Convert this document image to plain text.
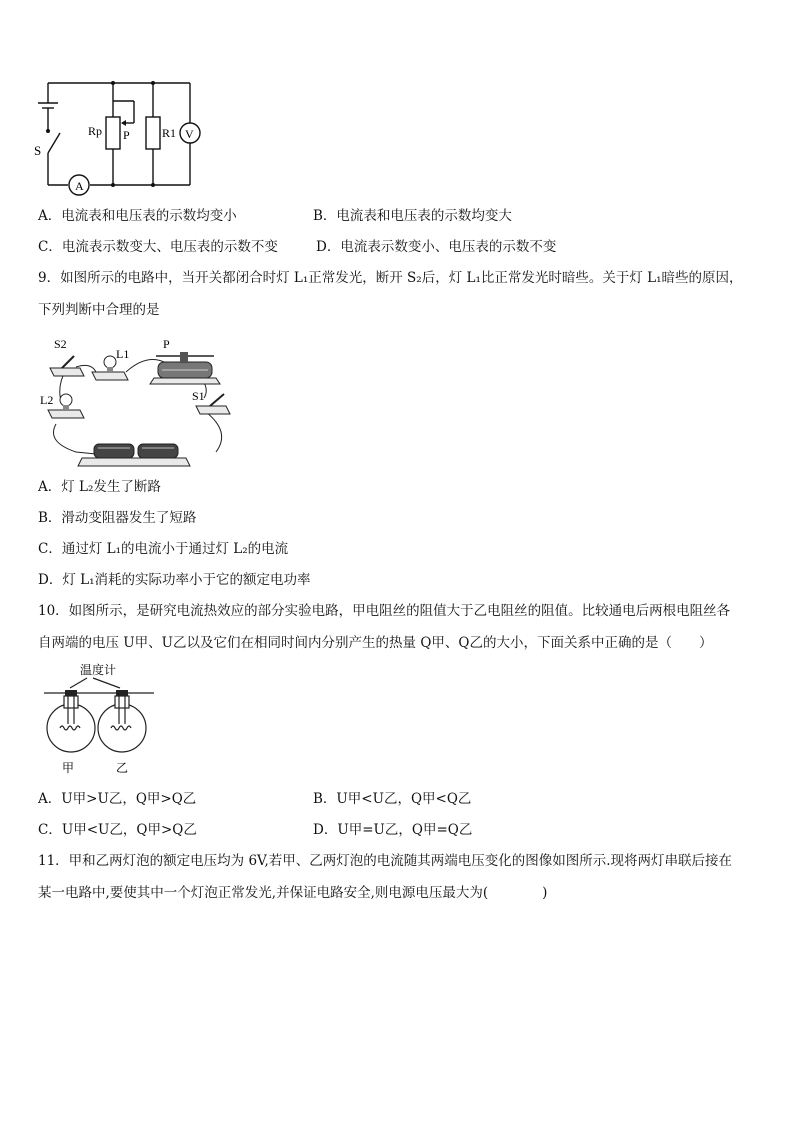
Rp P	R1 V
A
S
A．电流表和电压表的示数均变小	B．电流表和电压表的示数均变大
C．电流表示数变大、电压表的示数不变	D．电流表示数变小、电压表的示数不变
9．如图所示的电路中，当开关都闭合时灯 L₁正常发光，断开 S₂后，灯 L₁比正常发光时暗些。关于灯 L₁暗些的原因，
下列判断中合理的是
S2
L1
P
L2	S1
A．灯 L₂发生了断路
B．滑动变阻器发生了短路
C．通过灯 L₁的电流小于通过灯 L₂的电流
D．灯 L₁消耗的实际功率小于它的额定电功率
10．如图所示，是研究电流热效应的部分实验电路，甲电阻丝的阻值大于乙电阻丝的阻值。比较通电后两根电阻丝各
自两端的电压 U甲、U乙以及它们在相同时间内分别产生的热量 Q甲、Q乙的大小，下面关系中正确的是（　　）
温度计
甲	乙
A．U甲>U乙，Q甲>Q乙	B．U甲<U乙，Q甲<Q乙
C．U甲<U乙，Q甲>Q乙	D．U甲=U乙，Q甲=Q乙
11．甲和乙两灯泡的额定电压均为 6V,若甲、乙两灯泡的电流随其两端电压变化的图像如图所示.现将两灯串联后接在
某一电路中,要使其中一个灯泡正常发光,并保证电路安全,则电源电压最大为(　　　　)
